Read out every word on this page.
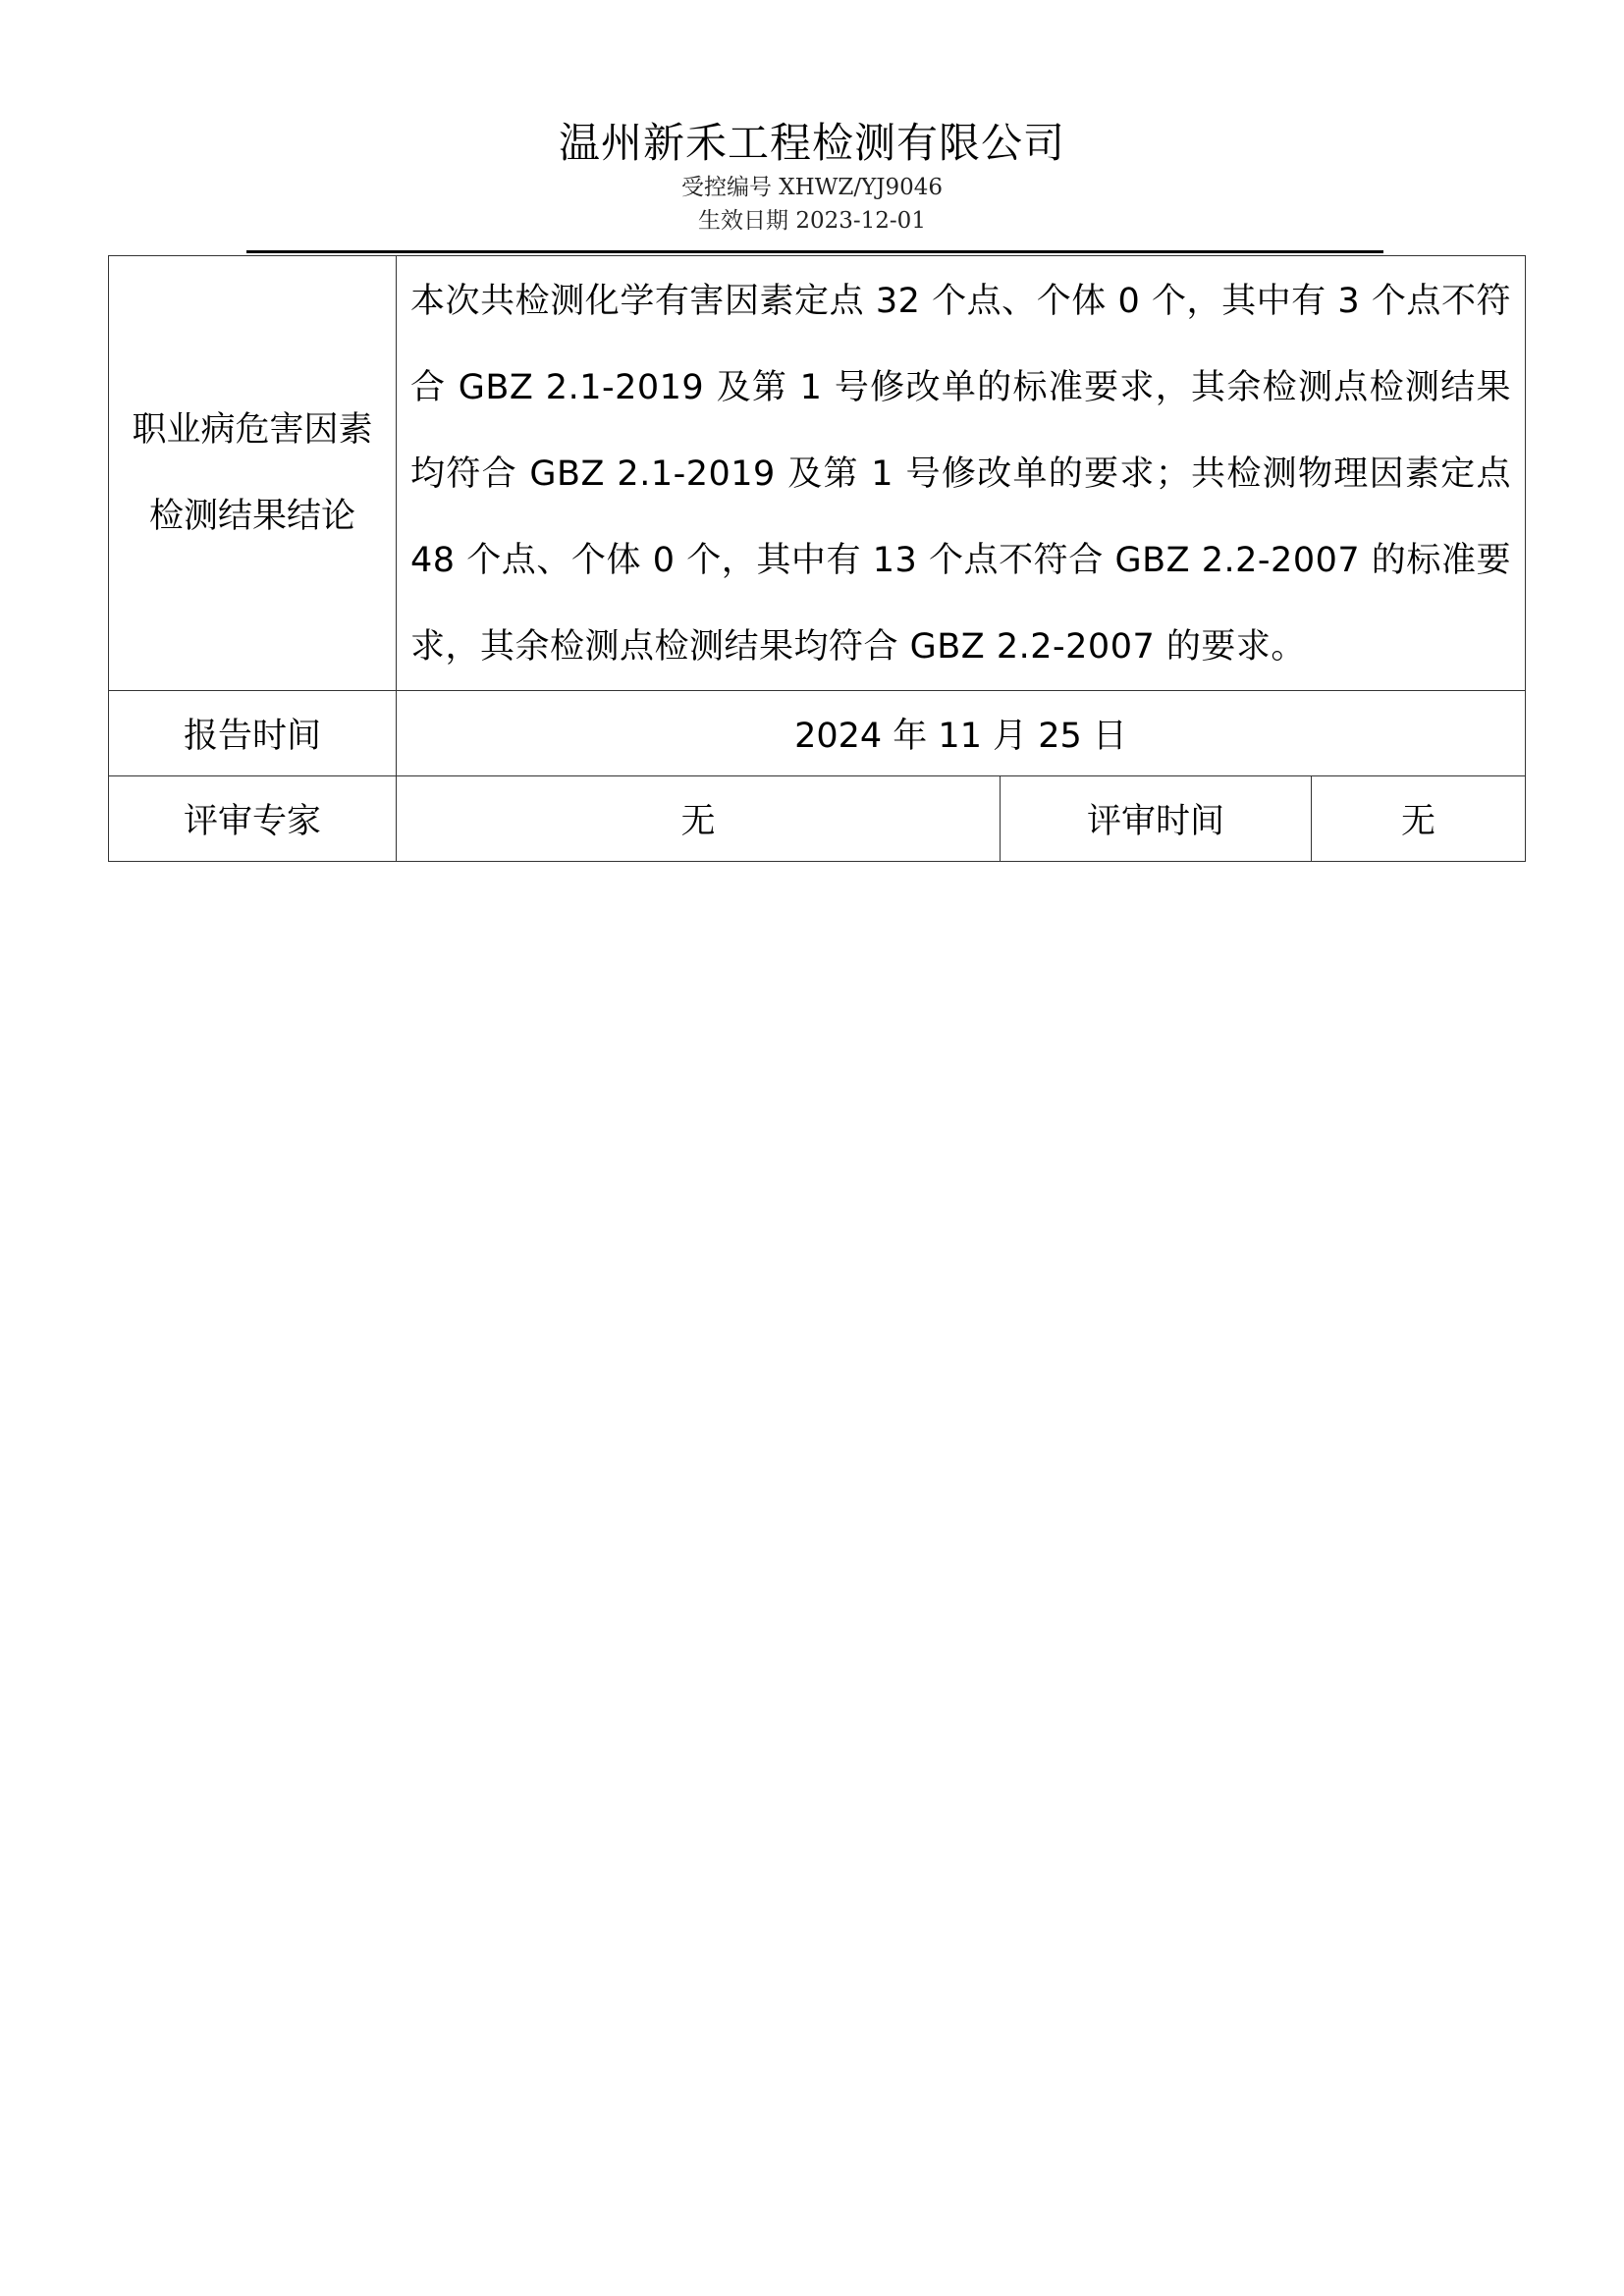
温州新禾工程检测有限公司
受控编号 XHWZ/YJ9046
生效日期 2023-12-01
职业病危害因素检测结果结论	本次共检测化学有害因素定点 32 个点、个体 0 个，其中有 3 个点不符合 GBZ 2.1-2019 及第 1 号修改单的标准要求，其余检测点检测结果均符合 GBZ 2.1-2019 及第 1 号修改单的要求；共检测物理因素定点 48 个点、个体 0 个，其中有 13 个点不符合 GBZ 2.2-2007 的标准要求，其余检测点检测结果均符合 GBZ 2.2-2007 的要求。		
报告时间	2024 年 11 月 25 日		
评审专家	无	评审时间	无
